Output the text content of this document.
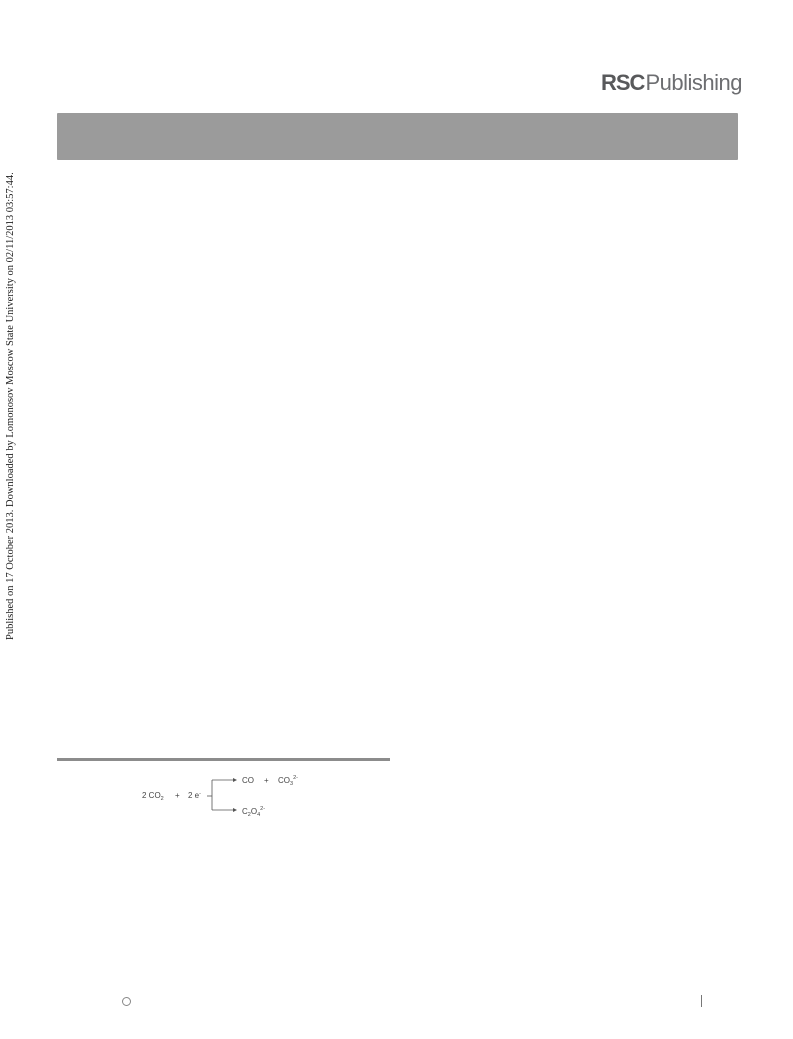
RSCPublishing
Published on 17 October 2013. Downloaded by Lomonosov Moscow State University on 02/11/2013 03:57:44.
2 $CO_2 + 2$ e-
CO + $CO_3^{2-}$
$C_2O_4^{2-}$
